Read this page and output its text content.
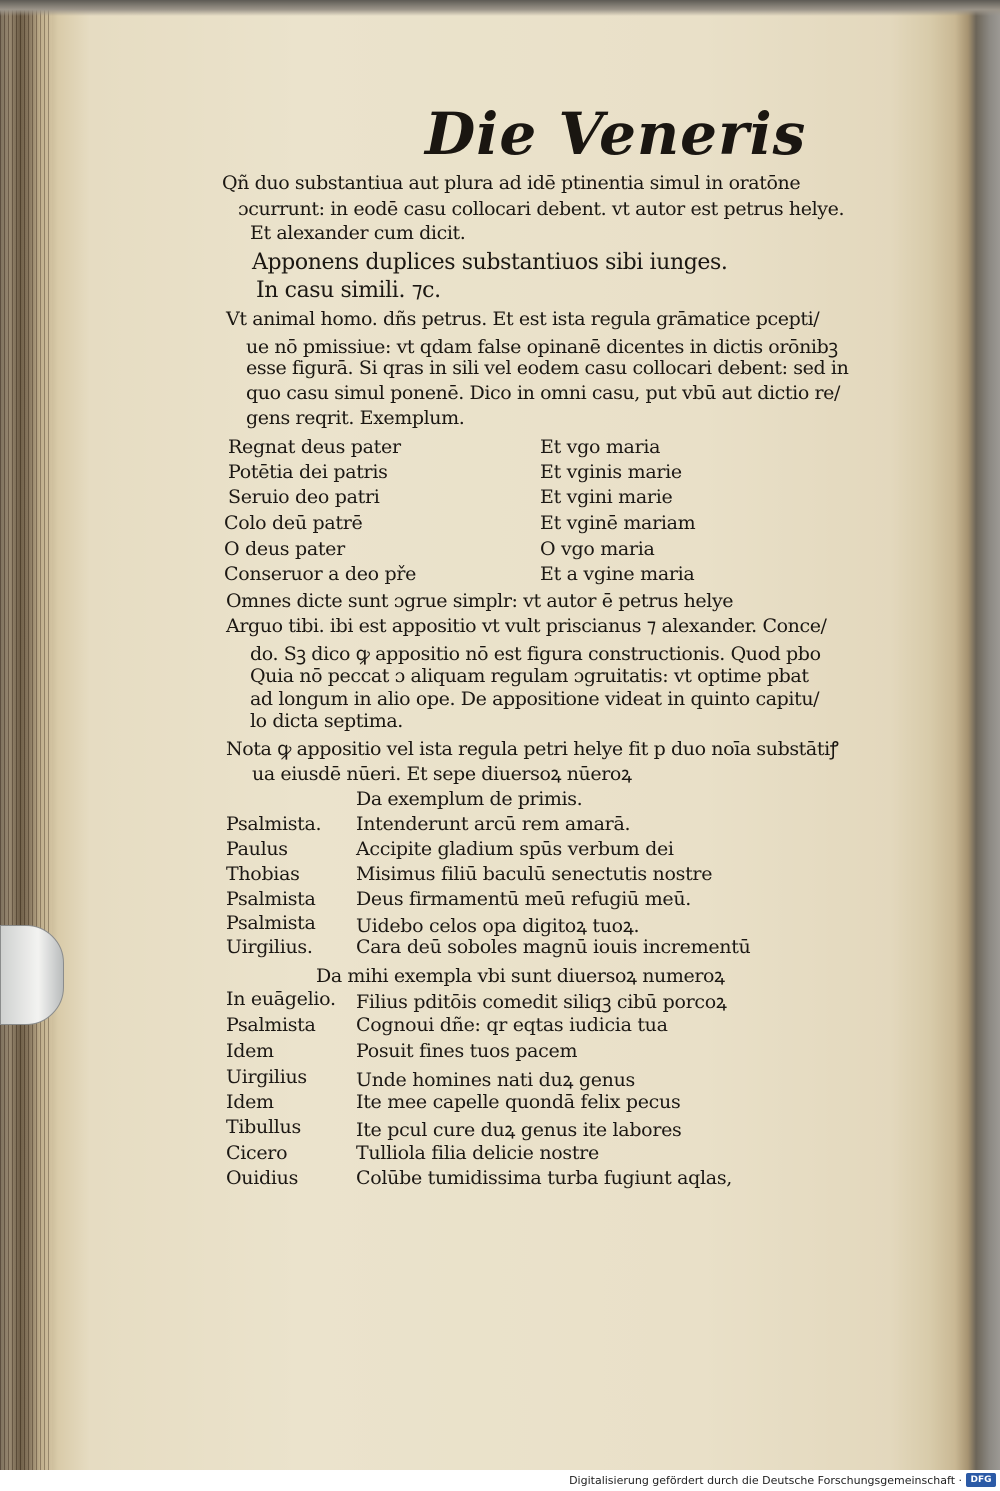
Die Veneris
Qñ duo substantiua aut plura ad idē ptinentia simul in oratōne
ɔcurrunt: in eodē casu collocari debent. vt autor est petrus helye.
Et alexander cum dicit.
Apponens duplices substantiuos sibi iunges.
In casu simili. ⁊c.
Vt animal homo. dñs petrus. Et est ista regula grāmatice pcepti/
ue nō pmissiue: vt qdam false opinanē dicentes in dictis orōnibꝫ
esse figurā. Si qras in sili vel eodem casu collocari debent: sed in
quo casu simul ponenē. Dico in omni casu, put vbū aut dictio re/
gens reqrit. Exemplum.
Regnat deus pater	Et vgo maria
Potētia dei patris	Et vginis marie
Seruio deo patri	Et vgini marie
Colo deū patrē	Et vginē mariam
O deus pater	O vgo maria
Conseruor a deo pře	Et a vgine maria
Omnes dicte sunt ɔgrue simplr: vt autor ē petrus helye
Arguo tibi. ibi est appositio vt vult priscianus ⁊ alexander. Conce/
do. Sꝫ dico ꝙ appositio nō est figura constructionis. Quod pbo
Quia nō peccat ɔ aliquam regulam ɔgruitatis: vt optime pbat
ad longum in alio ope. De appositione videat in quinto capitu/
lo dicta septima.
Nota ꝙ appositio vel ista regula petri helye fit p duo noīa substātiꝭ
ua eiusdē nūeri. Et sepe diuersoꝝ nūeroꝝ
Da exemplum de primis.
Psalmista. Intenderunt arcū rem amarā.
Paulus	Accipite gladium spūs verbum dei
Thobias	Misimus filiū baculū senectutis nostre
Psalmista Deus firmamentū meū refugiū meū.
Psalmista Uidebo celos opa digitoꝝ tuoꝝ.
Uirgilius. Cara deū soboles magnū iouis incrementū
Da mihi exempla vbi sunt diuersoꝝ numeroꝝ
In euāgelio. Filius pditōis comedit siliqꝫ cibū porcoꝝ
Psalmista Cognoui dñe: qr eqtas iudicia tua
Idem	Posuit fines tuos pacem
Uirgilius	Unde homines nati duꝝ genus
Idem	Ite mee capelle quondā felix pecus
Tibullus	Ite pcul cure duꝝ genus ite labores
Cicero	Tulliola filia delicie nostre
Ouidius	Colūbe tumidissima turba fugiunt aqlas,
Digitalisierung gefördert durch die Deutsche Forschungsgemeinschaft · DFG
